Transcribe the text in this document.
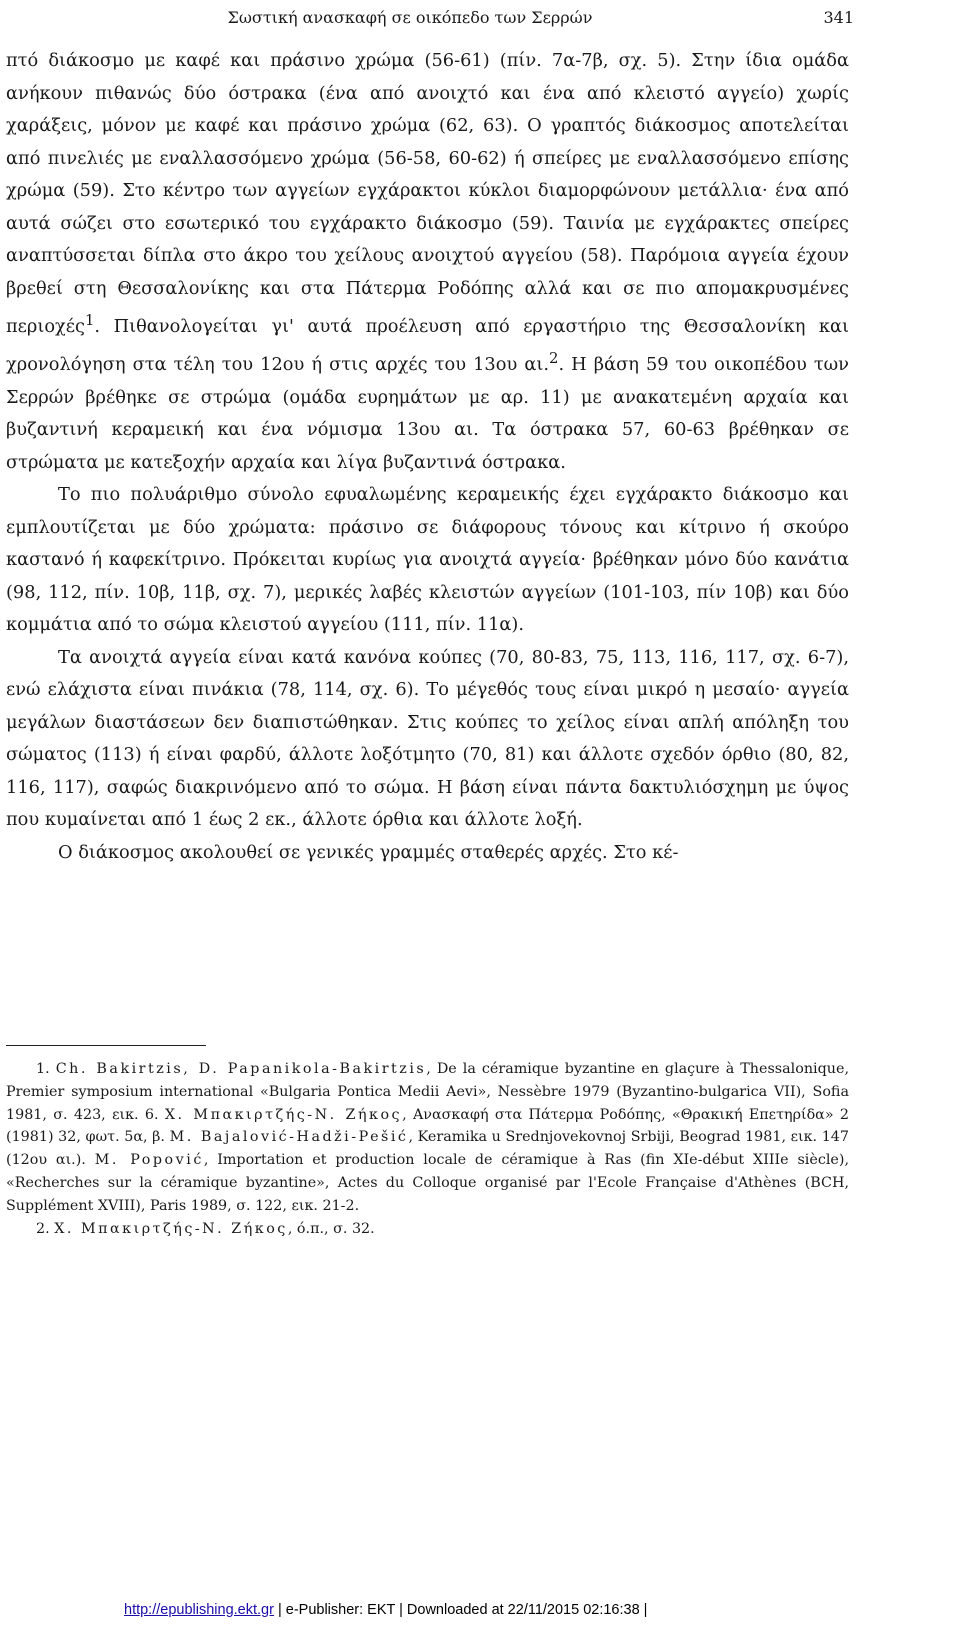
Σωστική ανασκαφή σε οικόπεδο των Σερρών	341

πτό διάκοσμο με καφέ και πράσινο χρώμα (56-61) (πίν. 7α-7β, σχ. 5). Στην ίδια ομάδα ανήκουν πιθανώς δύο όστρακα (ένα από ανοιχτό και ένα από κλειστό αγγείο) χωρίς χαράξεις, μόνον με καφέ και πράσινο χρώμα (62, 63). Ο γραπτός διάκοσμος αποτελείται από πινελιές με εναλλασσόμενο χρώμα (56-58, 60-62) ή σπείρες με εναλλασσόμενο επίσης χρώμα (59). Στο κέντρο των αγγείων εγχάρακτοι κύκλοι διαμορφώνουν μετάλλια· ένα από αυτά σώζει στο εσωτερικό του εγχάρακτο διάκοσμο (59). Ταινία με εγχάρακτες σπείρες αναπτύσσεται δίπλα στο άκρο του χείλους ανοιχτού αγγείου (58). Παρόμοια αγγεία έχουν βρεθεί στη Θεσσαλονίκης και στα Πάτερμα Ροδόπης αλλά και σε πιο απομακρυσμένες περιοχές$^1$. Πιθανολογείται γι' αυτά προέλευση από εργαστήριο της Θεσσαλονίκη και χρονολόγηση στα τέλη του 12ου ή στις αρχές του 13ου αι.$^2$. Η βάση 59 του οικοπέδου των Σερρών βρέθηκε σε στρώμα (ομάδα ευρημάτων με αρ. 11) με ανακατεμένη αρχαία και βυζαντινή κεραμεική και ένα νόμισμα 13ου αι. Τα όστρακα 57, 60-63 βρέθηκαν σε στρώματα με κατεξοχήν αρχαία και λίγα βυζαντινά όστρακα.

Το πιο πολυάριθμο σύνολο εφυαλωμένης κεραμεικής έχει εγχάρακτο διάκοσμο και εμπλουτίζεται με δύο χρώματα: πράσινο σε διάφορους τόνους και κίτρινο ή σκούρο καστανό ή καφεκίτρινο. Πρόκειται κυρίως για ανοιχτά αγγεία· βρέθηκαν μόνο δύο κανάτια (98, 112, πίν. 10β, 11β, σχ. 7), μερικές λαβές κλειστών αγγείων (101-103, πίν 10β) και δύο κομμάτια από το σώμα κλειστού αγγείου (111, πίν. 11α).

Τα ανοιχτά αγγεία είναι κατά κανόνα κούπες (70, 80-83, 75, 113, 116, 117, σχ. 6-7), ενώ ελάχιστα είναι πινάκια (78, 114, σχ. 6). Το μέγεθός τους είναι μικρό η μεσαίο· αγγεία μεγάλων διαστάσεων δεν διαπιστώθηκαν. Στις κούπες το χείλος είναι απλή απόληξη του σώματος (113) ή είναι φαρδύ, άλλοτε λοξότμητο (70, 81) και άλλοτε σχεδόν όρθιο (80, 82, 116, 117), σαφώς διακρινόμενο από το σώμα. Η βάση είναι πάντα δακτυλιόσχημη με ύψος που κυμαίνεται από 1 έως 2 εκ., άλλοτε όρθια και άλλοτε λοξή.

Ο διάκοσμος ακολουθεί σε γενικές γραμμές σταθερές αρχές. Στο κέ-

1. Ch. Bakirtzis, D. Papanikola-Bakirtzis, De la céramique byzantine en glaçure à Thessalonique, Premier symposium international «Bulgaria Pontica Medii Aevi», Nessèbre 1979 (Byzantino-bulgarica VII), Sofia 1981, σ. 423, εικ. 6. Χ. Μπακιρτζής-Ν. Ζήκος, Ανασκαφή στα Πάτερμα Ροδόπης, «Θρακική Επετηρίδα» 2 (1981) 32, φωτ. 5α, β. M. Bajalović-Hadži-Pešić, Keramika u Srednjovekovnoj Srbiji, Beograd 1981, εικ. 147 (12ου αι.). M. Popović, Importation et production locale de céramique à Ras (fin XIe-début XIIIe siècle), «Recherches sur la céramique byzantine», Actes du Colloque organisé par l'Ecole Française d'Athènes (BCH, Supplément XVIII), Paris 1989, σ. 122, εικ. 21-2.

2. Χ. Μπακιρτζής-Ν. Ζήκος, ό.π., σ. 32.

http://epublishing.ekt.gr | e-Publisher: EKT | Downloaded at 22/11/2015 02:16:38 |
